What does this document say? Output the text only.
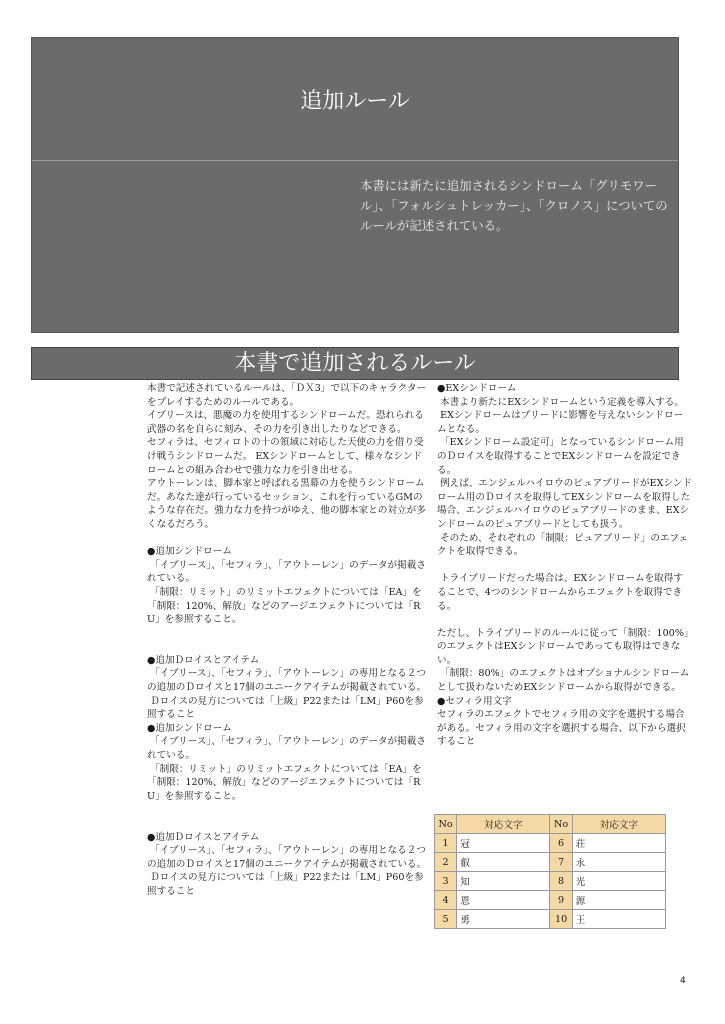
追加ルール
本書には新たに追加されるシンドローム「グリモワール」、「フォルシュトレッカー」、「クロノス」についてのルールが記述されている。
本書で追加されるルール

本書で記述されているルールは、「ＤＸ3」で以下のキャラクターをプレイするためのルールである。

イブリースは、悪魔の力を使用するシンドロームだ。恐れられる武器の名を自らに刻み、その力を引き出したりなどできる。

セフィラは、セフィロトの十の領域に対応した天使の力を借り受け戦うシンドロームだ。 EXシンドロームとして、様々なシンドロームとの組み合わせで強力な力を引き出せる。

アウトーレンは、脚本家と呼ばれる黒幕の力を使うシンドロームだ。あなた達が行っているセッション、これを行っているGMのような存在だ。強力な力を持つがゆえ、他の脚本家との対立が多くなるだろう。

●追加シンドローム

「イブリース」、「セフィラ」、「アウトーレン」のデータが掲載されている。

「制限：リミット」のリミットエフェクトについては「EA」を「制限：120%、解放」などのアージエフェクトについては「RU」を参照すること。

●追加Ｄロイスとアイテム

「イブリース」、「セフィラ」、「アウトーレン」の専用となる２つの追加のＤロイスと17個のユニークアイテムが掲載されている。

Ｄロイスの見方については「上級」P22または「LM」P60を参照すること

●追加シンドローム

「イブリース」、「セフィラ」、「アウトーレン」のデータが掲載されている。

「制限：リミット」のリミットエフェクトについては「EA」を「制限：120%、解放」などのアージエフェクトについては「RU」を参照すること。

●追加Ｄロイスとアイテム

「イブリース」、「セフィラ」、「アウトーレン」の専用となる２つの追加のＤロイスと17個のユニークアイテムが掲載されている。

Ｄロイスの見方については「上級」P22または「LM」P60を参照すること

●EXシンドローム

本書より新たにEXシンドロームという定義を導入する。

EXシンドロームはブリードに影響を与えないシンドロームとなる。

「EXシンドローム設定可」となっているシンドローム用のＤロイスを取得することでEXシンドロームを設定できる。

例えば、エンジェルハイロウのピュアブリードがEXシンドローム用のＤロイスを取得してEXシンドロームを取得した場合、エンジェルハイロウのピュアブリードのまま、EXシンドロームのピュアブリードとしても扱う。

そのため、それぞれの「制限：ピュアブリード」のエフェクトを取得できる。

トライブリードだった場合は、EXシンドロームを取得することで、4つのシンドロームからエフェクトを取得できる。

ただし、トライブリードのルールに従って「制限：100%」のエフェクトはEXシンドロームであっても取得はできない。

「制限：80%」のエフェクトはオプショナルシンドロームとして扱わないためEXシンドロームから取得ができる。

●セフィラ用文字

セフィラのエフェクトでセフィラ用の文字を選択する場合がある。セフィラ用の文字を選択する場合、以下から選択すること

No	対応文字	No	対応文字
1	冠	6	荘
2	叡	7	永
3	知	8	光
4	恩	9	源
5	勇	10	王
4
